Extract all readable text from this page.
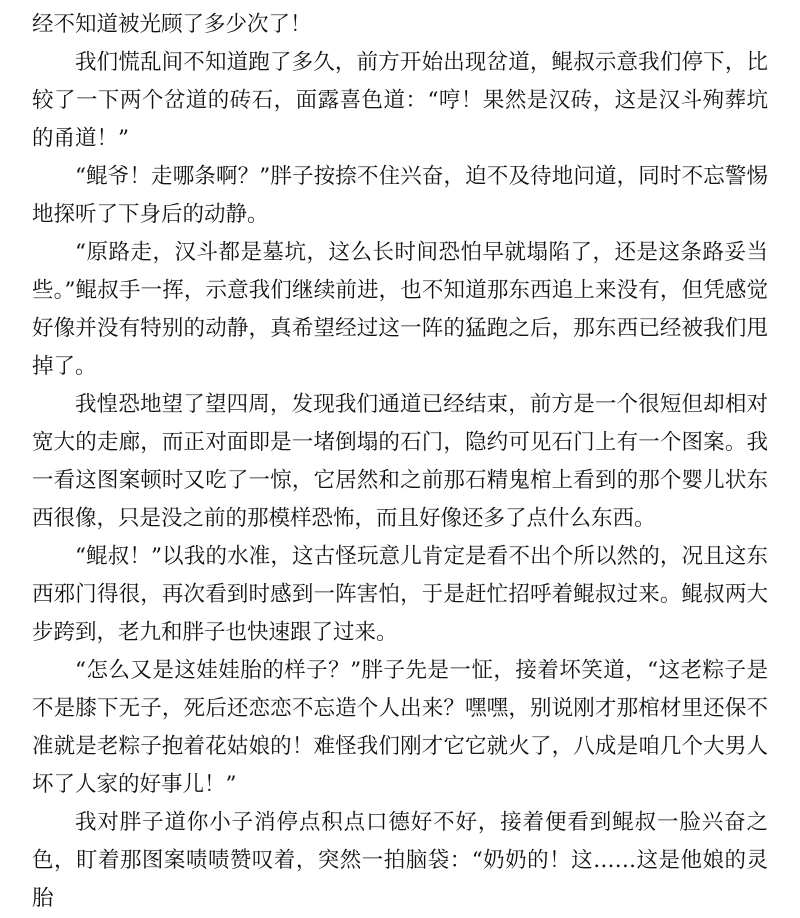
经不知道被光顾了多少次了！

我们慌乱间不知道跑了多久，前方开始出现岔道，鲲叔示意我们停下，比较了一下两个岔道的砖石，面露喜色道：“哼！果然是汉砖，这是汉斗殉葬坑的甬道！”

“鲲爷！走哪条啊？”胖子按捺不住兴奋，迫不及待地问道，同时不忘警惕地探听了下身后的动静。

“原路走，汉斗都是墓坑，这么长时间恐怕早就塌陷了，还是这条路妥当些。”鲲叔手一挥，示意我们继续前进，也不知道那东西追上来没有，但凭感觉好像并没有特别的动静，真希望经过这一阵的猛跑之后，那东西已经被我们甩掉了。

我惶恐地望了望四周，发现我们通道已经结束，前方是一个很短但却相对宽大的走廊，而正对面即是一堵倒塌的石门，隐约可见石门上有一个图案。我一看这图案顿时又吃了一惊，它居然和之前那石精鬼棺上看到的那个婴儿状东西很像，只是没之前的那模样恐怖，而且好像还多了点什么东西。

“鲲叔！”以我的水准，这古怪玩意儿肯定是看不出个所以然的，况且这东西邪门得很，再次看到时感到一阵害怕，于是赶忙招呼着鲲叔过来。鲲叔两大步跨到，老九和胖子也快速跟了过来。

“怎么又是这娃娃胎的样子？”胖子先是一怔，接着坏笑道，“这老粽子是不是膝下无子，死后还恋恋不忘造个人出来？嘿嘿，别说刚才那棺材里还保不准就是老粽子抱着花姑娘的！难怪我们刚才它它就火了，八成是咱几个大男人坏了人家的好事儿！”

我对胖子道你小子消停点积点口德好不好，接着便看到鲲叔一脸兴奋之色，盯着那图案啧啧赞叹着，突然一拍脑袋：“奶奶的！这……这是他娘的灵胎
